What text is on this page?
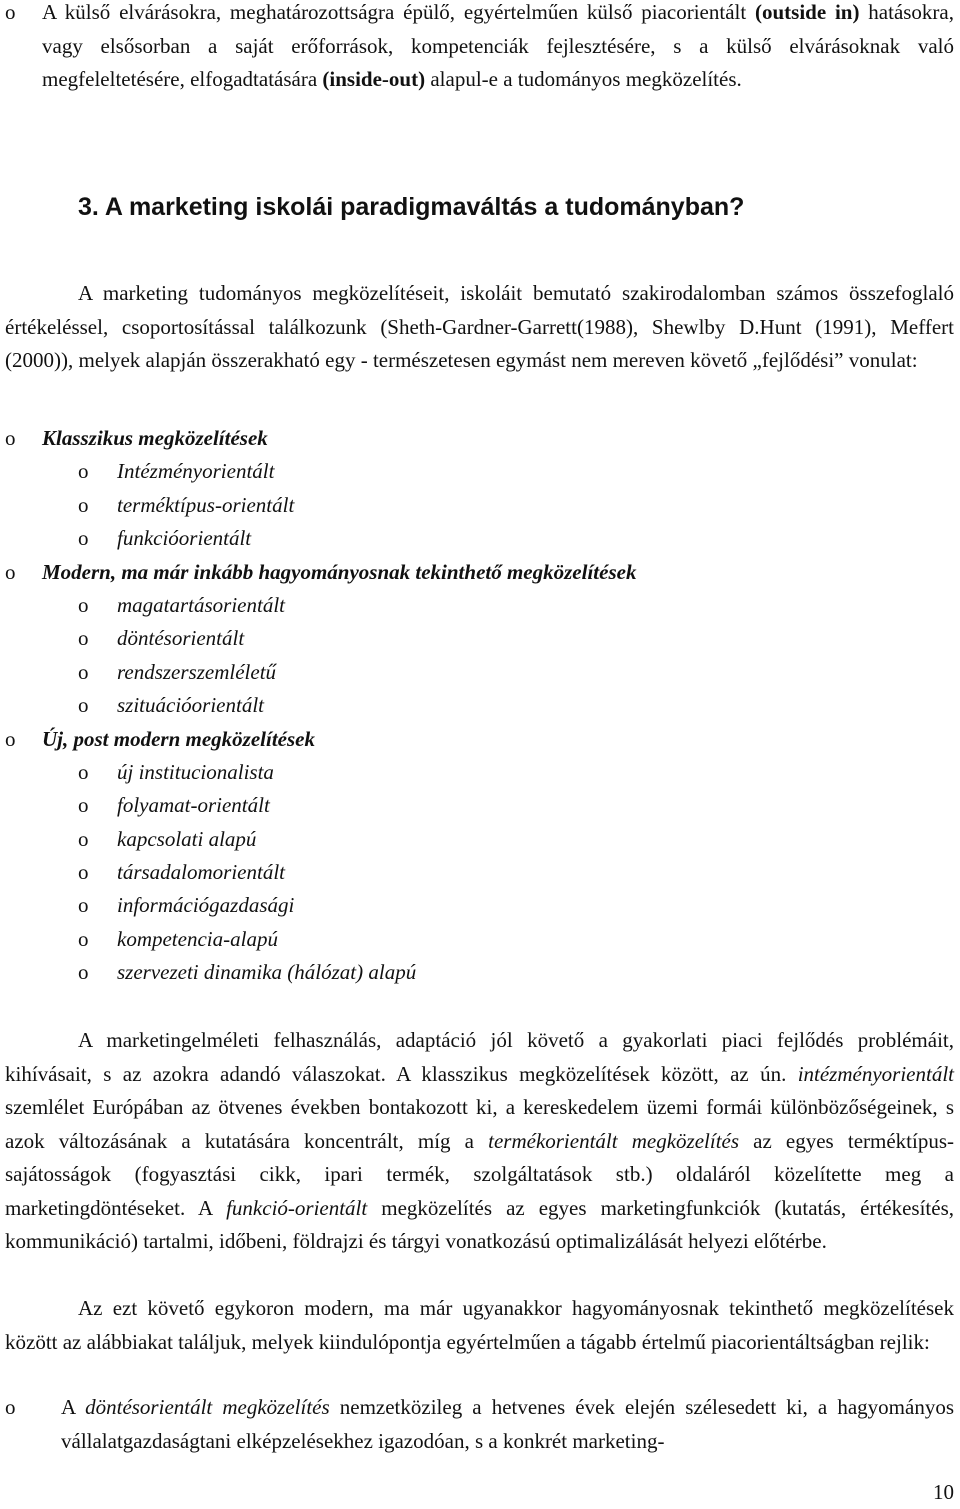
o	A külső elvárásokra, meghatározottságra épülő, egyértelműen külső piacorientált (outside in) hatásokra, vagy elsősorban a saját erőforrások, kompetenciák fejlesztésére, s a külső elvárásoknak való megfeleltetésére, elfogadtatására (inside-out) alapul-e a tudományos megközelítés.
3. A marketing iskolái paradigmaváltás a tudományban?
A marketing tudományos megközelítéseit, iskoláit bemutató szakirodalomban számos összefoglaló értékeléssel, csoportosítással találkozunk (Sheth-Gardner-Garrett(1988), Shewlby D.Hunt (1991), Meffert (2000)), melyek alapján összerakható egy - természetesen egymást nem mereven követő „fejlődési” vonulat:
o Klasszikus megközelítések
o Intézményorientált
o terméktípus-orientált
o funkcióorientált
o Modern, ma már inkább hagyományosnak tekinthető megközelítések
o magatartásorientált
o döntésorientált
o rendszerszemléletű
o szituációorientált
o Új, post modern megközelítések
o új institucionalista
o folyamat-orientált
o kapcsolati alapú
o társadalomorientált
o információgazdasági
o kompetencia-alapú
o szervezeti dinamika (hálózat) alapú
A marketingelméleti felhasználás, adaptáció jól követő a gyakorlati piaci fejlődés problémáit, kihívásait, s az azokra adandó válaszokat. A klasszikus megközelítések között, az ún. intézményorientált szemlélet Európában az ötvenes években bontakozott ki, a kereskedelem üzemi formái különbözőségeinek, s azok változásának a kutatására koncentrált, míg a termékorientált megközelítés az egyes terméktípus-sajátosságok (fogyasztási cikk, ipari termék, szolgáltatások stb.) oldaláról közelítette meg a marketingdöntéseket. A funkció-orientált megközelítés az egyes marketingfunkciók (kutatás, értékesítés, kommunikáció) tartalmi, időbeni, földrajzi és tárgyi vonatkozású optimalizálását helyezi előtérbe.
Az ezt követő egykoron modern, ma már ugyanakkor hagyományosnak tekinthető megközelítések között az alábbiakat találjuk, melyek kiindulópontja egyértelműen a tágabb értelmű piacorientáltságban rejlik:
o	A döntésorientált megközelítés nemzetközileg a hetvenes évek elején szélesedett ki, a hagyományos vállalatgazdaságtani elképzelésekhez igazodóan, s a konkrét marketing-
10
